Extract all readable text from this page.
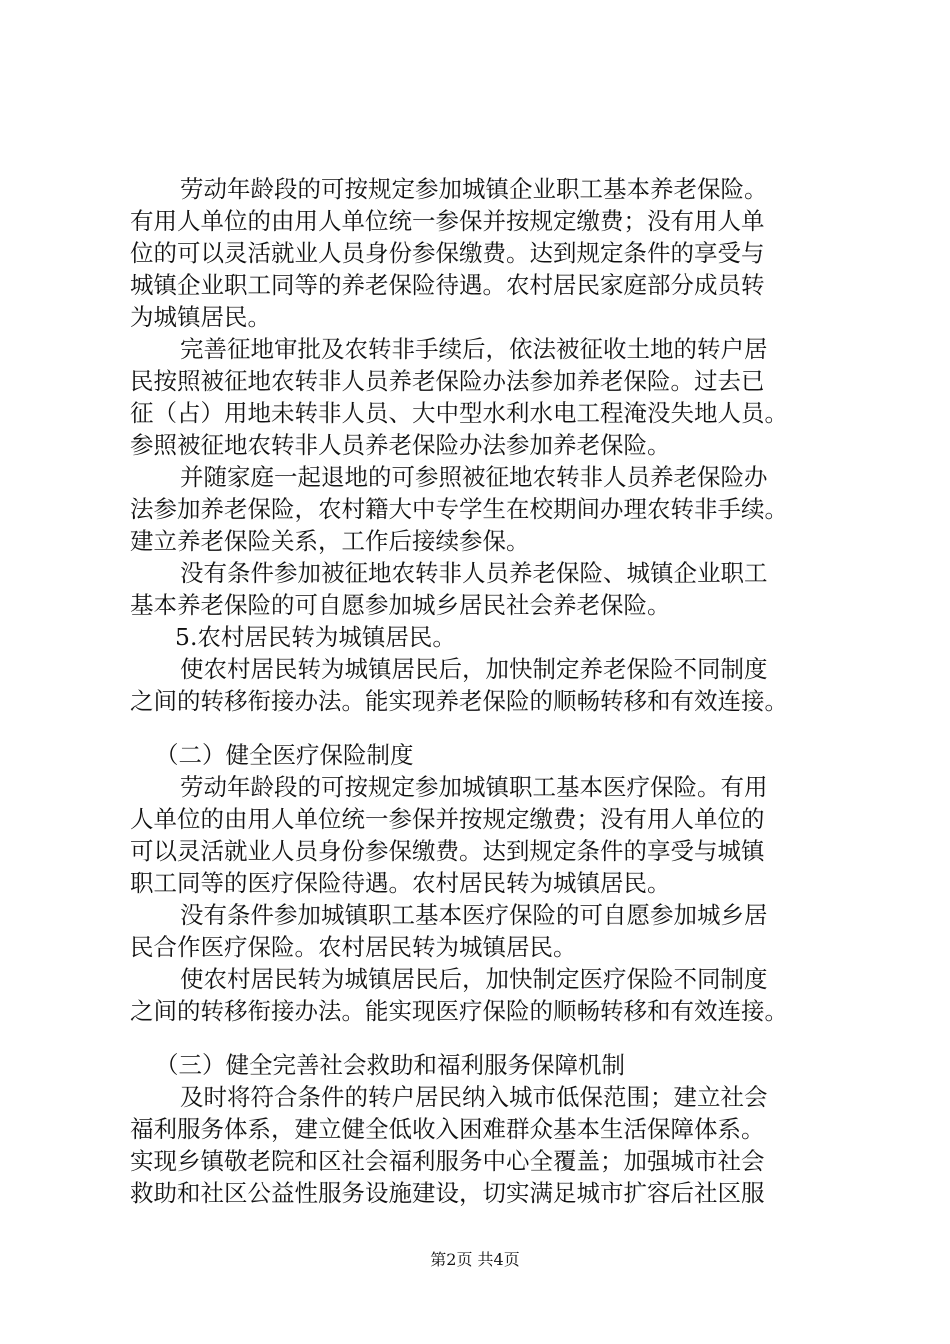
劳动年龄段的可按规定参加城镇企业职工基本养老保险。
有用人单位的由用人单位统一参保并按规定缴费；没有用人单
位的可以灵活就业人员身份参保缴费。达到规定条件的享受与
城镇企业职工同等的养老保险待遇。农村居民家庭部分成员转
为城镇居民。
完善征地审批及农转非手续后，依法被征收土地的转户居
民按照被征地农转非人员养老保险办法参加养老保险。过去已
征（占）用地未转非人员、大中型水利水电工程淹没失地人员。
参照被征地农转非人员养老保险办法参加养老保险。
并随家庭一起退地的可参照被征地农转非人员养老保险办
法参加养老保险，农村籍大中专学生在校期间办理农转非手续。
建立养老保险关系，工作后接续参保。
没有条件参加被征地农转非人员养老保险、城镇企业职工
基本养老保险的可自愿参加城乡居民社会养老保险。
5.农村居民转为城镇居民。
使农村居民转为城镇居民后，加快制定养老保险不同制度
之间的转移衔接办法。能实现养老保险的顺畅转移和有效连接。
（二）健全医疗保险制度
劳动年龄段的可按规定参加城镇职工基本医疗保险。有用
人单位的由用人单位统一参保并按规定缴费；没有用人单位的
可以灵活就业人员身份参保缴费。达到规定条件的享受与城镇
职工同等的医疗保险待遇。农村居民转为城镇居民。
没有条件参加城镇职工基本医疗保险的可自愿参加城乡居
民合作医疗保险。农村居民转为城镇居民。
使农村居民转为城镇居民后，加快制定医疗保险不同制度
之间的转移衔接办法。能实现医疗保险的顺畅转移和有效连接。
（三）健全完善社会救助和福利服务保障机制
及时将符合条件的转户居民纳入城市低保范围；建立社会
福利服务体系，建立健全低收入困难群众基本生活保障体系。
实现乡镇敬老院和区社会福利服务中心全覆盖；加强城市社会
救助和社区公益性服务设施建设，切实满足城市扩容后社区服
第2页 共4页
